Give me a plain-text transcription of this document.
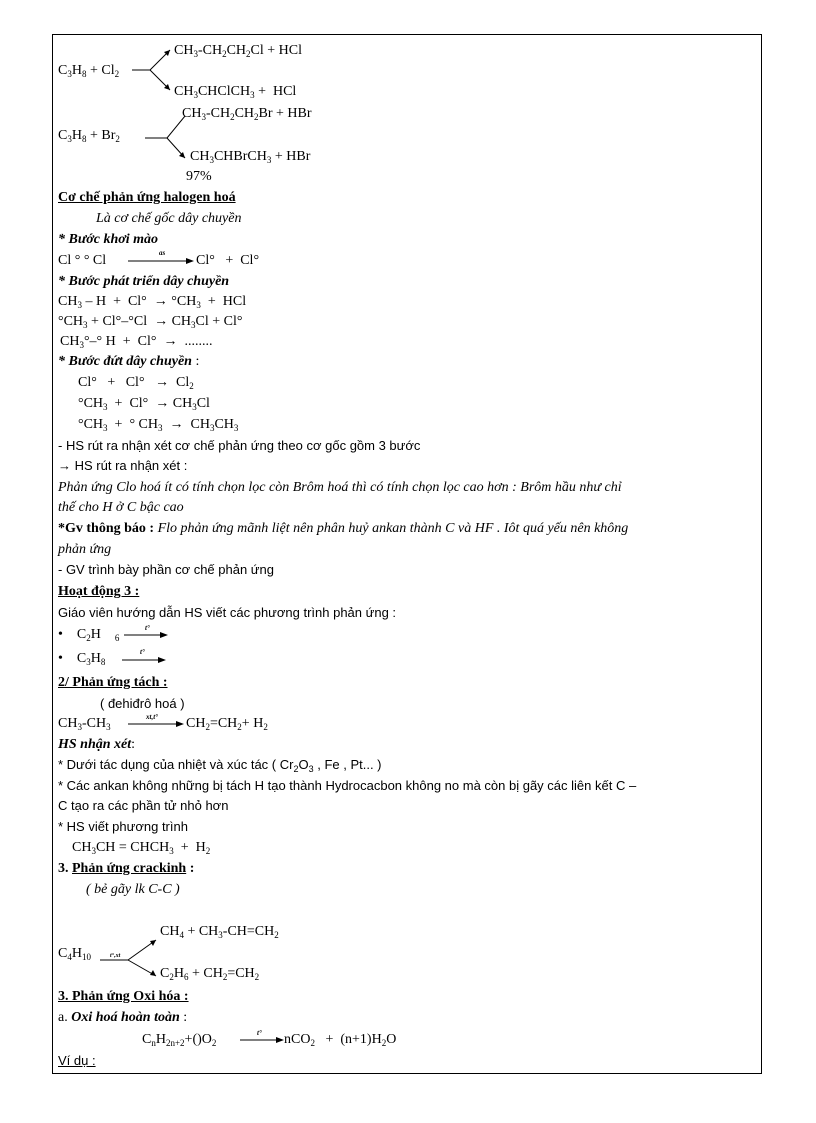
$C_3H_8 + Cl_2$
$CH_3-CH_2CH_2Cl$ + HCl
$CH_3CHClCH_3$ +  HCl
$C_3H_8 + Br_2$
$CH_3-CH_2CH_2Br$ + HBr
$CH_3CHBrCH_3$ + HBr
97%
Cơ chế phản ứng halogen hoá
Là cơ chế gốc dây chuyền
* Bước khơi mào
Cl ° ° Cl	as Cl°   +  Cl°
* Bước phát triển dây chuyền
$CH_3 - H + Cl^\circ \to ^\circ CH_3$  +  HCl
$^\circ CH_3 + Cl^\circ-^\circ Cl \to CH_3Cl + Cl^\circ$
$CH_3^\circ-^\circ$ H  +  Cl°  →  ........
* Bước đứt dây chuyền :
$Cl^\circ + Cl^\circ \to Cl_2$
$^\circ CH_3 + Cl^\circ \to CH_3Cl$
$^\circ CH_3$  +  ° $CH_3 \to CH_3CH_3$
- HS rút ra nhận xét cơ chế phản ứng theo cơ gốc gồm 3 bước
→ HS rút ra nhận xét :
Phản ứng Clo hoá ít có tính chọn lọc còn Brôm hoá thì có tính chọn lọc cao hơn : Brôm hầu như chỉ
thế cho H ở C bậc cao
*Gv thông báo : Flo phản ứng mãnh liệt nên phân huỷ ankan thành C và HF . Iôt quá yếu nên không
phản ứng
- GV trình bày phần cơ chế phản ứng
Hoạt động 3 :
Giáo viên hướng dẫn HS viết các phương trình phản ứng :
•    $C_2H$    $_6$
t°
•    $C_3H_8$
t°
2/ Phản ứng tách :
( đehiđrô hoá )
$CH_3-CH_3$
$xt,t^\circ \to CH_2=CH_2+ H_2$
HS nhận xét:
* Dưới tác dụng của nhiệt và xúc tác ( $Cr_2O_3$ , Fe , Pt... )
* Các ankan không những bị tách H tạo thành Hydrocacbon không no mà còn bị gãy các liên kết C –
C tạo ra các phần tử nhỏ hơn
* HS viết phương trình
$CH_3CH$ = $CHCH_3 + H_2$
3. Phản ứng crackinh :
( bẻ gãy lk C-C )
$C_4H_{10}$	t°,xt
$CH_4 + CH_3-CH=CH_2$
$C_2H_6 + CH_2=CH_2$
3. Phản ứng Oxi hóa :
a. Oxi hoá hoàn toàn :
$C_nH_{2n+2}+()O_2$
$t^\circ \to nCO_2 + (n+1)H_2O$
Ví dụ :
